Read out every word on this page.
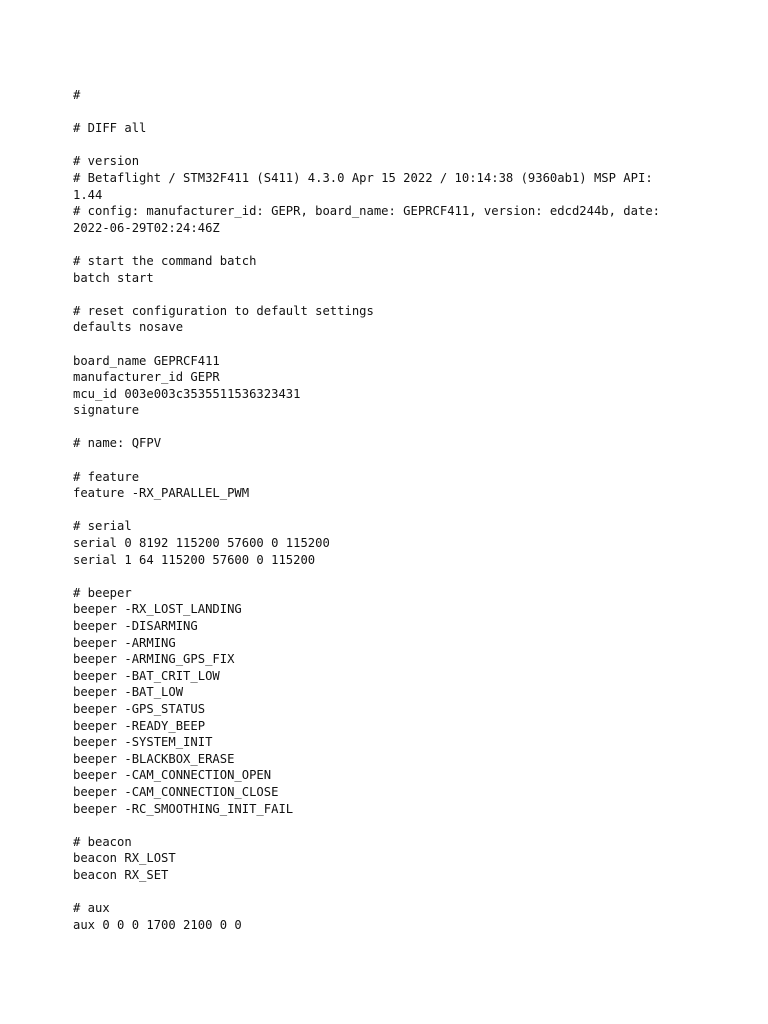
#
# DIFF all
# version
# Betaflight / STM32F411 (S411) 4.3.0 Apr 15 2022 / 10:14:38 (9360ab1) MSP API:
1.44
# config: manufacturer_id: GEPR, board_name: GEPRCF411, version: edcd244b, date:
2022-06-29T02:24:46Z
# start the command batch
batch start
# reset configuration to default settings
defaults nosave
board_name GEPRCF411
manufacturer_id GEPR
mcu_id 003e003c3535511536323431
signature
# name: QFPV
# feature
feature -RX_PARALLEL_PWM
# serial
serial 0 8192 115200 57600 0 115200
serial 1 64 115200 57600 0 115200
# beeper
beeper -RX_LOST_LANDING
beeper -DISARMING
beeper -ARMING
beeper -ARMING_GPS_FIX
beeper -BAT_CRIT_LOW
beeper -BAT_LOW
beeper -GPS_STATUS
beeper -READY_BEEP
beeper -SYSTEM_INIT
beeper -BLACKBOX_ERASE
beeper -CAM_CONNECTION_OPEN
beeper -CAM_CONNECTION_CLOSE
beeper -RC_SMOOTHING_INIT_FAIL
# beacon
beacon RX_LOST
beacon RX_SET
# aux
aux 0 0 0 1700 2100 0 0
